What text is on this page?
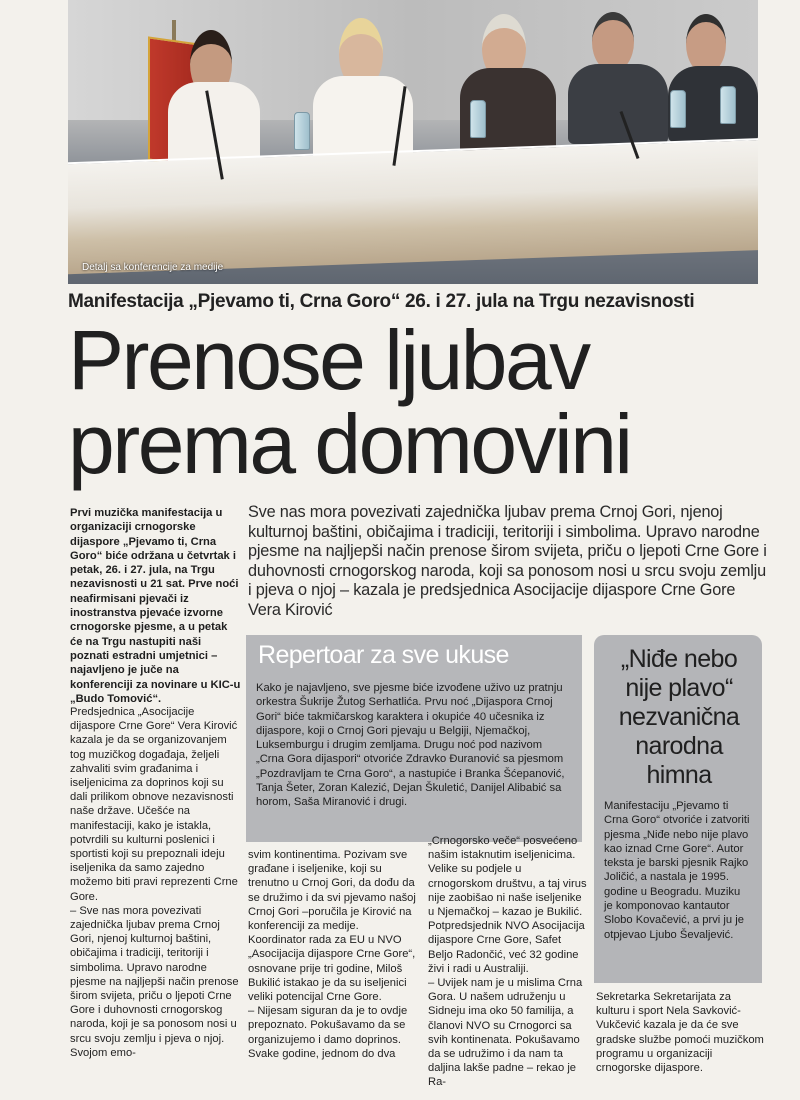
Detalj sa konferencije za medije
Manifestacija „Pjevamo ti, Crna Goro“ 26. i 27. jula na Trgu nezavisnosti
Prenose ljubav
prema domovini
Prvi muzička manifestacija u organizaciji crnogorske dijaspore „Pjevamo ti, Crna Goro“ biće održana u četvrtak i petak, 26. i 27. jula, na Trgu nezavisnosti u 21 sat. Prve noći neafirmisani pjevači iz inostranstva pjevaće izvorne crnogorske pjesme, a u petak će na Trgu nastupiti naši poznati estradni umjetnici – najavljeno je juče na konferenciji za novinare u KIC-u „Budo Tomović“.
Sve nas mora povezivati zajednička ljubav prema Crnoj Gori, njenoj kulturnoj baštini, običajima i tradiciji, teritoriji i simbolima. Upravo narodne pjesme na najljepši način prenose širom svijeta, priču o ljepoti Crne Gore i duhovnosti crnogorskog naroda, koji sa ponosom nosi u srcu svoju zemlju i pjeva o njoj – kazala je predsjednica Asocijacije dijaspore Crne Gore Vera Kirović
Repertoar za sve ukuse
Kako je najavljeno, sve pjesme biće izvođene uživo uz pratnju orkestra Šukrije Žutog Serhatlića. Prvu noć „Dijaspora Crnoj Gori“ biće takmičarskog karaktera i okupiće 40 učesnika iz dijaspore, koji o Crnoj Gori pjevaju u Belgiji, Njemačkoj, Luksemburgu i drugim zemljama. Drugu noć pod nazivom „Crna Gora dijaspori“ otvoriće Zdravko Đuranović sa pjesmom „Pozdravljam te Crna Goro“, a nastupiće i Branka Šćepanović, Tanja Šeter, Zoran Kalezić, Dejan Škuletić, Danijel Alibabić sa horom, Saša Miranović i drugi.
„Niđe nebo nije plavo“ nezvanična narodna himna
Manifestaciju „Pjevamo ti Crna Goro“ otvoriće i zatvoriti pjesma „Niđe nebo nije plavo kao iznad Crne Gore“. Autor teksta je barski pjesnik Rajko Joličić, a nastala je 1995. godine u Beogradu. Muziku je komponovao kantautor Slobo Kovačević, a prvi ju je otpjevao Ljubo Ševaljević.

Predsjednica „Asocijacije dijaspore Crne Gore“ Vera Kirović kazala je da se organizovanjem tog muzičkog događaja, željeli zahvaliti svim građanima i iseljenicima za doprinos koji su dali prilikom obnove nezavisnosti naše države. Učešće na manifestaciji, kako je istakla, potvrdili su kulturni poslenici i sportisti koji su prepoznali ideju iseljenika da samo zajedno možemo biti pravi reprezenti Crne Gore.

– Sve nas mora povezivati zajednička ljubav prema Crnoj Gori, njenoj kulturnoj baštini, običajima i tradiciji, teritoriji i simbolima. Upravo narodne pjesme na najljepši način prenose širom svijeta, priču o ljepoti Crne Gore i duhovnosti crnogorskog naroda, koji je sa ponosom nosi u srcu svoju zemlju i pjeva o njoj. Svojom emo-

svim kontinentima. Pozivam sve građane i iseljenike, koji su trenutno u Crnoj Gori, da dođu da se družimo i da svi pjevamo našoj Crnoj Gori –poručila je Kirović na konferenciji za medije.

Koordinator rada za EU u NVO „Asocijacija dijaspore Crne Gore“, osnovane prije tri godine, Miloš Bukilić istakao je da su iseljenici veliki potencijal Crne Gore.

– Nijesam siguran da je to ovdje prepoznato. Pokušavamo da se organizujemo i damo doprinos. Svake godine, jednom do dva

„Crnogorsko veče“ posvećeno našim istaknutim iseljenicima. Velike su podjele u crnogorskom društvu, a taj virus nije zaobišao ni naše iseljenike u Njemačkoj – kazao je Bukilić.

Potpredsjednik NVO Asocijacija dijaspore Crne Gore, Safet Beljo Radončić, već 32 godine živi i radi u Australiji.

– Uvijek nam je u mislima Crna Gora. U našem udruženju u Sidneju ima oko 50 familija, a članovi NVO su Crnogorci sa svih kontinenata. Pokušavamo da se udružimo i da nam ta daljina lakše padne – rekao je Ra-

Sekretarka Sekretarijata za kulturu i sport Nela Savković-Vukčević kazala je da će sve gradske službe pomoći muzičkom programu u organizaciji crnogorske dijaspore.
